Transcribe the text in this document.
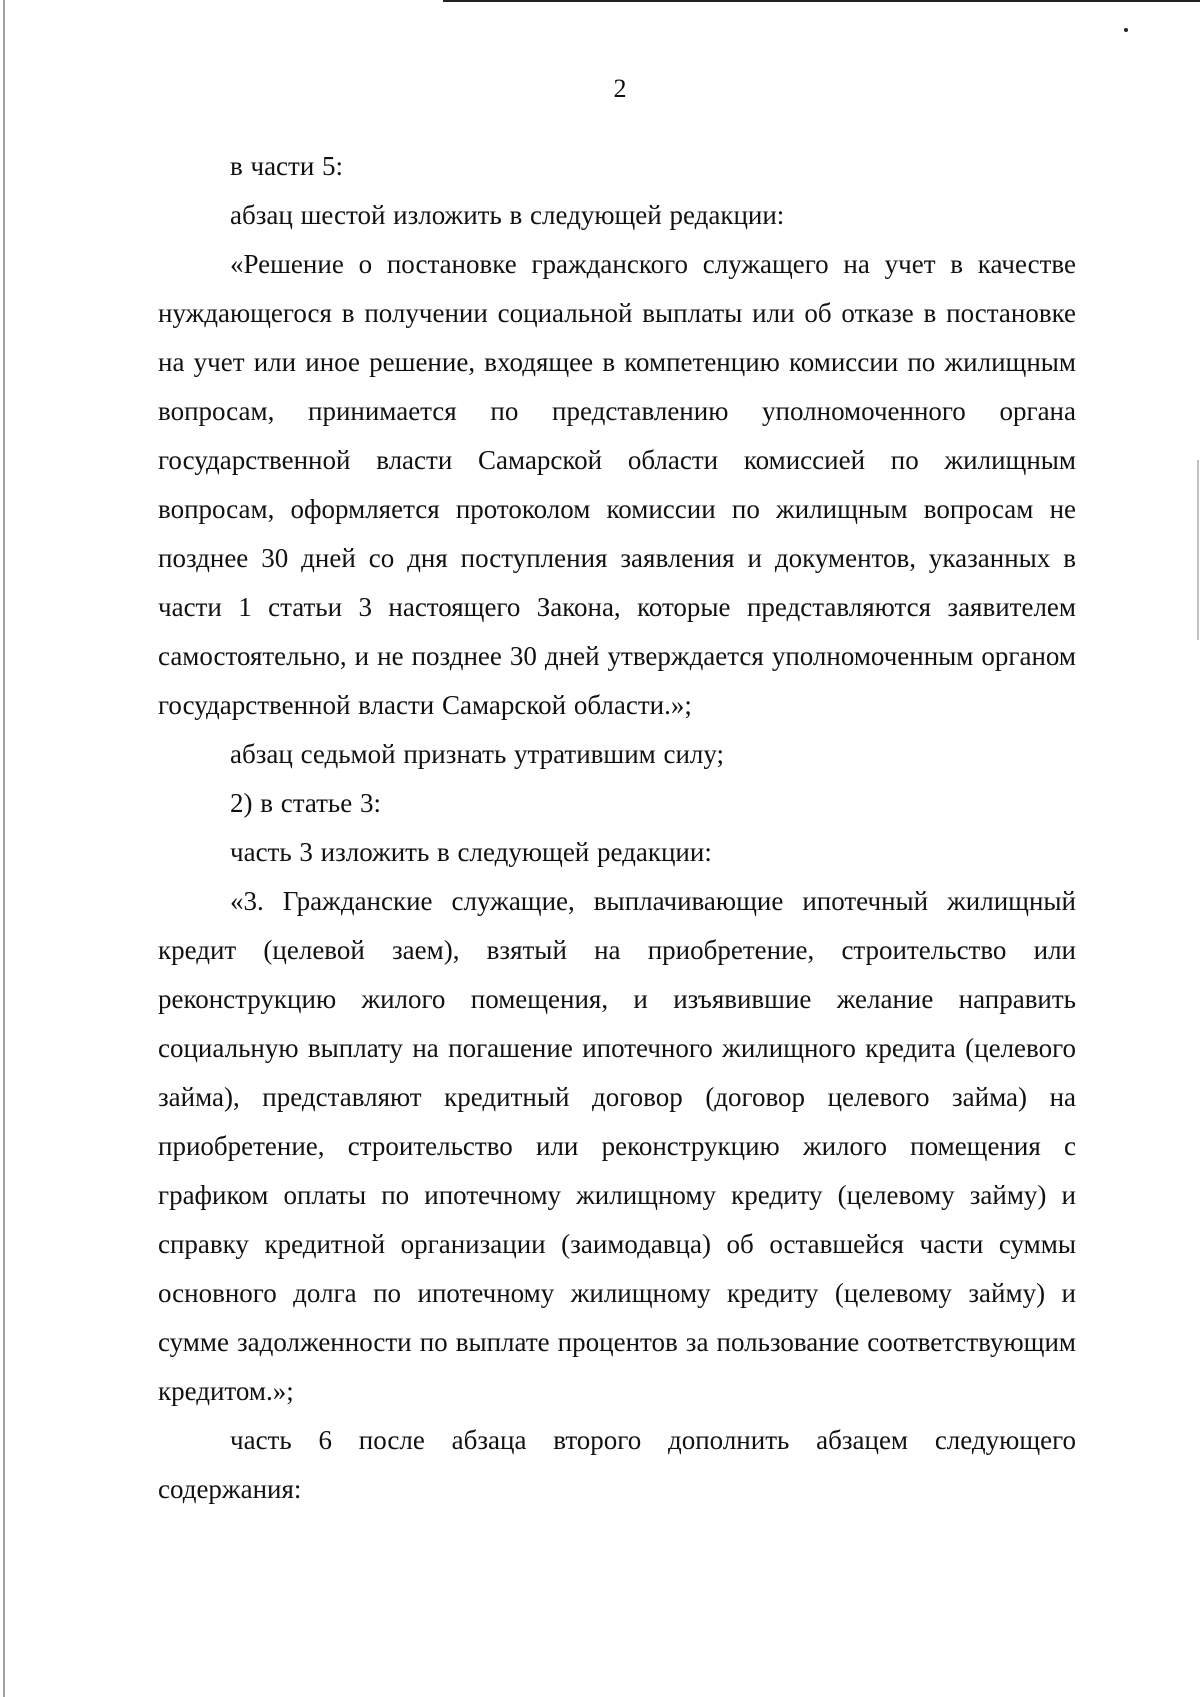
2

в части 5:

абзац шестой изложить в следующей редакции:

«Решение о постановке гражданского служащего на учет в качестве нуждающегося в получении социальной выплаты или об отказе в постановке на учет или иное решение, входящее в компетенцию комиссии по жилищным вопросам, принимается по представлению уполномоченного органа государственной власти Самарской области комиссией по жилищным вопросам, оформляется протоколом комиссии по жилищным вопросам не позднее 30 дней со дня поступления заявления и документов, указанных в части 1 статьи 3 настоящего Закона, которые представляются заявителем самостоятельно, и не позднее 30 дней утверждается уполномоченным органом государственной власти Самарской области.»;

абзац седьмой признать утратившим силу;

2) в статье 3:

часть 3 изложить в следующей редакции:

«3. Гражданские служащие, выплачивающие ипотечный жилищный кредит (целевой заем), взятый на приобретение, строительство или реконструкцию жилого помещения, и изъявившие желание направить социальную выплату на погашение ипотечного жилищного кредита (целевого займа), представляют кредитный договор (договор целевого займа) на приобретение, строительство или реконструкцию жилого помещения с графиком оплаты по ипотечному жилищному кредиту (целевому займу) и справку кредитной организации (заимодавца) об оставшейся части суммы основного долга по ипотечному жилищному кредиту (целевому займу) и сумме задолженности по выплате процентов за пользование соответствующим кредитом.»;

часть 6 после абзаца второго дополнить абзацем следующего содержания:
